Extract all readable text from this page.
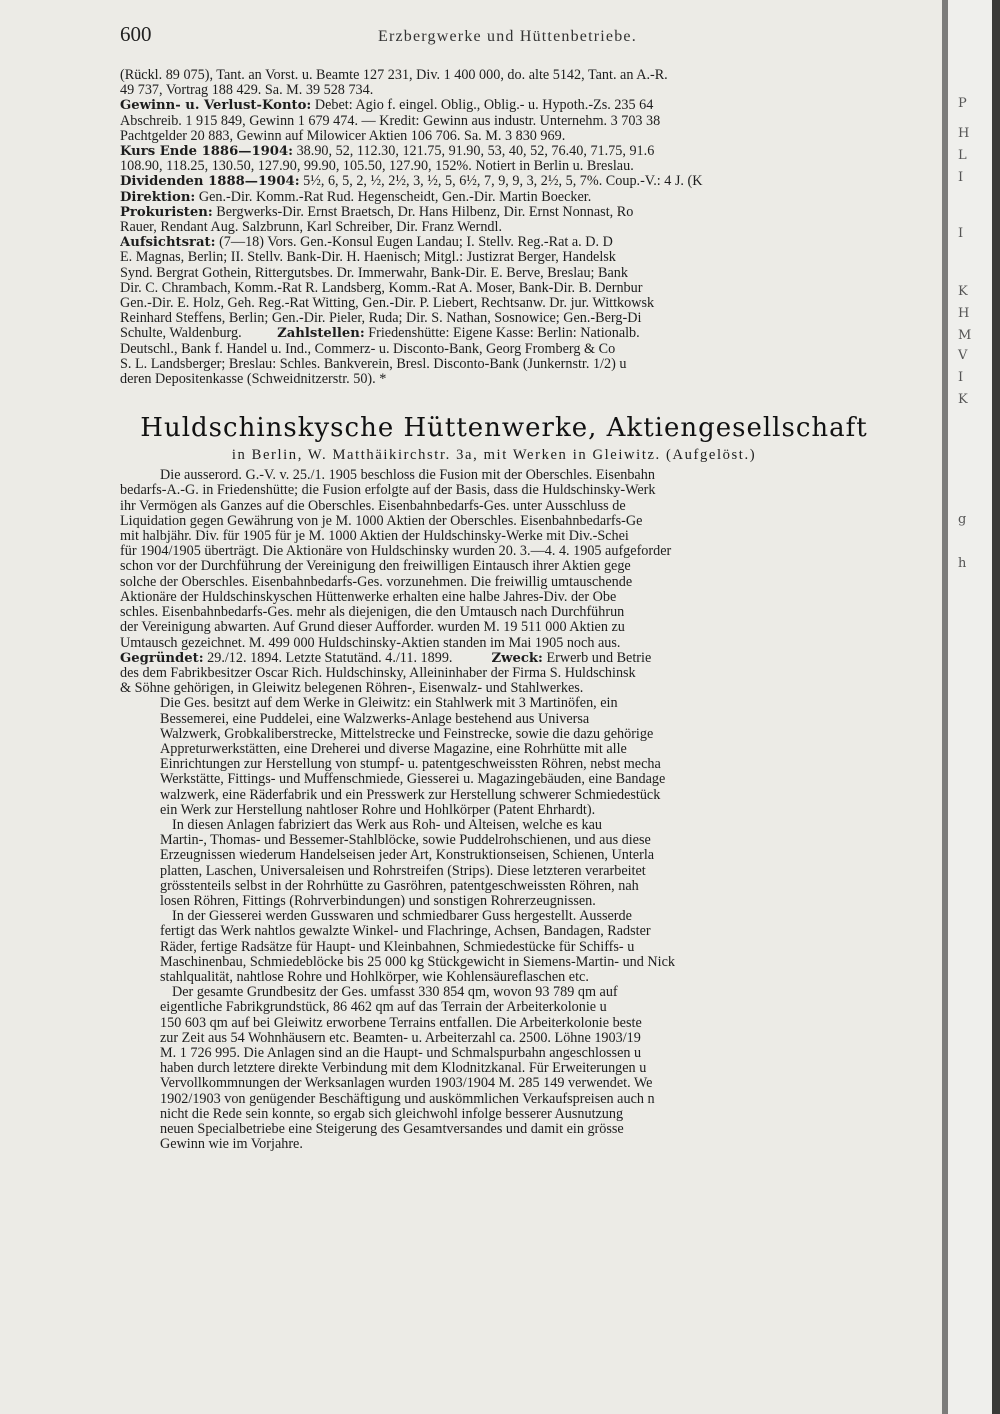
P
H
L
I
I
K
H
M
V
I
K
g
h
600	Erzbergwerke und Hüttenbetriebe.

(Rückl. 89 075), Tant. an Vorst. u. Beamte 127 231, Div. 1 400 000, do. alte 5142, Tant. an A.-R.

49 737, Vortrag 188 429. Sa. M. 39 528 734.

Gewinn- u. Verlust-Konto: Debet: Agio f. eingel. Oblig., Oblig.- u. Hypoth.-Zs. 235 64

Abschreib. 1 915 849, Gewinn 1 679 474. — Kredit: Gewinn aus industr. Unternehm. 3 703 38

Pachtgelder 20 883, Gewinn auf Milowicer Aktien 106 706. Sa. M. 3 830 969.

Kurs Ende 1886—1904: 38.90, 52, 112.30, 121.75, 91.90, 53, 40, 52, 76.40, 71.75, 91.6

108.90, 118.25, 130.50, 127.90, 99.90, 105.50, 127.90, 152%. Notiert in Berlin u. Breslau.

Dividenden 1888—1904: 5½, 6, 5, 2, ½, 2½, 3, ½, 5, 6½, 7, 9, 9, 3, 2½, 5, 7%. Coup.-V.: 4 J. (K

Direktion: Gen.-Dir. Komm.-Rat Rud. Hegenscheidt, Gen.-Dir. Martin Boecker.

Prokuristen: Bergwerks-Dir. Ernst Braetsch, Dr. Hans Hilbenz, Dir. Ernst Nonnast, Ro

Rauer, Rendant Aug. Salzbrunn, Karl Schreiber, Dir. Franz Werndl.

Aufsichtsrat: (7—18) Vors. Gen.-Konsul Eugen Landau; I. Stellv. Reg.-Rat a. D. D

E. Magnas, Berlin; II. Stellv. Bank-Dir. H. Haenisch; Mitgl.: Justizrat Berger, Handelsk

Synd. Bergrat Gothein, Rittergutsbes. Dr. Immerwahr, Bank-Dir. E. Berve, Breslau; Bank

Dir. C. Chrambach, Komm.-Rat R. Landsberg, Komm.-Rat A. Moser, Bank-Dir. B. Dernbur

Gen.-Dir. E. Holz, Geh. Reg.-Rat Witting, Gen.-Dir. P. Liebert, Rechtsanw. Dr. jur. Wittkowsk

Reinhard Steffens, Berlin; Gen.-Dir. Pieler, Ruda; Dir. S. Nathan, Sosnowice; Gen.-Berg-Di

Schulte, Waldenburg.	Zahlstellen: Friedenshütte: Eigene Kasse: Berlin: Nationalb.

Deutschl., Bank f. Handel u. Ind., Commerz- u. Disconto-Bank, Georg Fromberg & Co

S. L. Landsberger; Breslau: Schles. Bankverein, Bresl. Disconto-Bank (Junkernstr. 1/2) u

deren Depositenkasse (Schweidnitzerstr. 50). *

Huldschinskysche Hüttenwerke, Aktiengesellschaft

in Berlin, W. Matthäikirchstr. 3a, mit Werken in Gleiwitz. (Aufgelöst.)

Die ausserord. G.-V. v. 25./1. 1905 beschloss die Fusion mit der Oberschles. Eisenbahn

bedarfs-A.-G. in Friedenshütte; die Fusion erfolgte auf der Basis, dass die Huldschinsky-Werk

ihr Vermögen als Ganzes auf die Oberschles. Eisenbahnbedarfs-Ges. unter Ausschluss de

Liquidation gegen Gewährung von je M. 1000 Aktien der Oberschles. Eisenbahnbedarfs-Ge

mit halbjähr. Div. für 1905 für je M. 1000 Aktien der Huldschinsky-Werke mit Div.-Schei

für 1904/1905 überträgt. Die Aktionäre von Huldschinsky wurden 20. 3.—4. 4. 1905 aufgeforder

schon vor der Durchführung der Vereinigung den freiwilligen Eintausch ihrer Aktien gege

solche der Oberschles. Eisenbahnbedarfs-Ges. vorzunehmen. Die freiwillig umtauschende

Aktionäre der Huldschinskyschen Hüttenwerke erhalten eine halbe Jahres-Div. der Obe

schles. Eisenbahnbedarfs-Ges. mehr als diejenigen, die den Umtausch nach Durchführun

der Vereinigung abwarten. Auf Grund dieser Aufforder. wurden M. 19 511 000 Aktien zu

Umtausch gezeichnet. M. 499 000 Huldschinsky-Aktien standen im Mai 1905 noch aus.

Gegründet: 29./12. 1894. Letzte Statutänd. 4./11. 1899.	Zweck: Erwerb und Betrie

des dem Fabrikbesitzer Oscar Rich. Huldschinsky, Alleininhaber der Firma S. Huldschinsk

& Söhne gehörigen, in Gleiwitz belegenen Röhren-, Eisenwalz- und Stahlwerkes.

Die Ges. besitzt auf dem Werke in Gleiwitz: ein Stahlwerk mit 3 Martinöfen, ein

Bessemerei, eine Puddelei, eine Walzwerks-Anlage bestehend aus Universa

Walzwerk, Grobkaliberstrecke, Mittelstrecke und Feinstrecke, sowie die dazu gehörige

Appreturwerkstätten, eine Dreherei und diverse Magazine, eine Rohrhütte mit alle

Einrichtungen zur Herstellung von stumpf- u. patentgeschweissten Röhren, nebst mecha

Werkstätte, Fittings- und Muffenschmiede, Giesserei u. Magazingebäuden, eine Bandage

walzwerk, eine Räderfabrik und ein Presswerk zur Herstellung schwerer Schmiedestück

ein Werk zur Herstellung nahtloser Rohre und Hohlkörper (Patent Ehrhardt).

In diesen Anlagen fabriziert das Werk aus Roh- und Alteisen, welche es kau

Martin-, Thomas- und Bessemer-Stahlblöcke, sowie Puddelrohschienen, und aus diese

Erzeugnissen wiederum Handelseisen jeder Art, Konstruktionseisen, Schienen, Unterla

platten, Laschen, Universaleisen und Rohrstreifen (Strips). Diese letzteren verarbeitet

grösstenteils selbst in der Rohrhütte zu Gasröhren, patentgeschweissten Röhren, nah

losen Röhren, Fittings (Rohrverbindungen) und sonstigen Rohrerzeugnissen.

In der Giesserei werden Gusswaren und schmiedbarer Guss hergestellt. Ausserde

fertigt das Werk nahtlos gewalzte Winkel- und Flachringe, Achsen, Bandagen, Radster

Räder, fertige Radsätze für Haupt- und Kleinbahnen, Schmiedestücke für Schiffs- u

Maschinenbau, Schmiedeblöcke bis 25 000 kg Stückgewicht in Siemens-Martin- und Nick

stahlqualität, nahtlose Rohre und Hohlkörper, wie Kohlensäureflaschen etc.

Der gesamte Grundbesitz der Ges. umfasst 330 854 qm, wovon 93 789 qm auf

eigentliche Fabrikgrundstück, 86 462 qm auf das Terrain der Arbeiterkolonie u

150 603 qm auf bei Gleiwitz erworbene Terrains entfallen. Die Arbeiterkolonie beste

zur Zeit aus 54 Wohnhäusern etc. Beamten- u. Arbeiterzahl ca. 2500. Löhne 1903/19

M. 1 726 995. Die Anlagen sind an die Haupt- und Schmalspurbahn angeschlossen u

haben durch letztere direkte Verbindung mit dem Klodnitzkanal. Für Erweiterungen u

Vervollkommnungen der Werksanlagen wurden 1903/1904 M. 285 149 verwendet. We

1902/1903 von genügender Beschäftigung und auskömmlichen Verkaufspreisen auch n

nicht die Rede sein konnte, so ergab sich gleichwohl infolge besserer Ausnutzung

neuen Specialbetriebe eine Steigerung des Gesamtversandes und damit ein grösse

Gewinn wie im Vorjahre.
